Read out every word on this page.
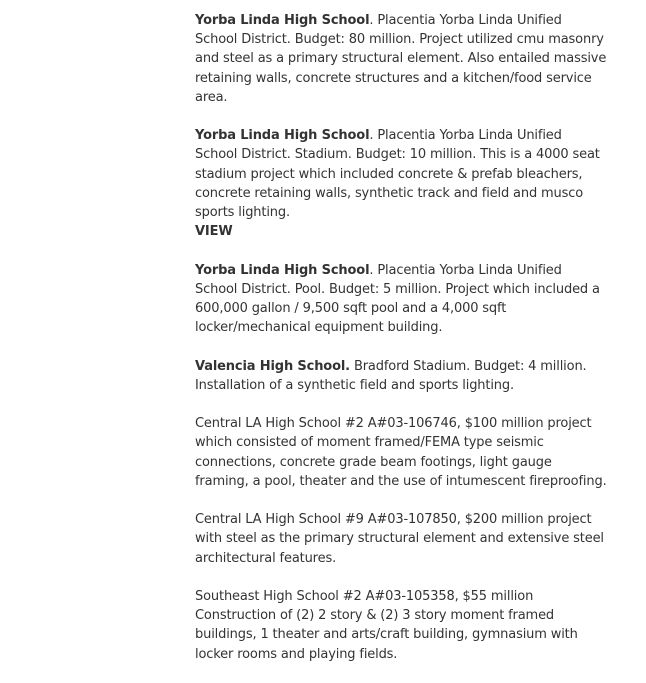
Yorba Linda High School. Placentia Yorba Linda Unified School District. Budget: 80 million. Project utilized cmu masonry and steel as a primary structural element. Also entailed massive retaining walls, concrete structures and a kitchen/food service area.

Yorba Linda High School. Placentia Yorba Linda Unified School District. Stadium. Budget: 10 million. This is a 4000 seat stadium project which included concrete & prefab bleachers, concrete retaining walls, synthetic track and field and musco sports lighting.
VIEW

Yorba Linda High School. Placentia Yorba Linda Unified School District. Pool. Budget: 5 million. Project which included a 600,000 gallon / 9,500 sqft pool and a 4,000 sqft locker/mechanical equipment building.

Valencia High School. Bradford Stadium. Budget: 4 million. Installation of a synthetic field and sports lighting.

Central LA High School #2 A#03-106746, $100 million project which consisted of moment framed/FEMA type seismic connections, concrete grade beam footings, light gauge framing, a pool, theater and the use of intumescent fireproofing.

Central LA High School #9 A#03-107850, $200 million project with steel as the primary structural element and extensive steel architectural features.

Southeast High School #2 A#03-105358, $55 million Construction of (2) 2 story & (2) 3 story moment framed buildings, 1 theater and arts/craft building, gymnasium with locker rooms and playing fields.
